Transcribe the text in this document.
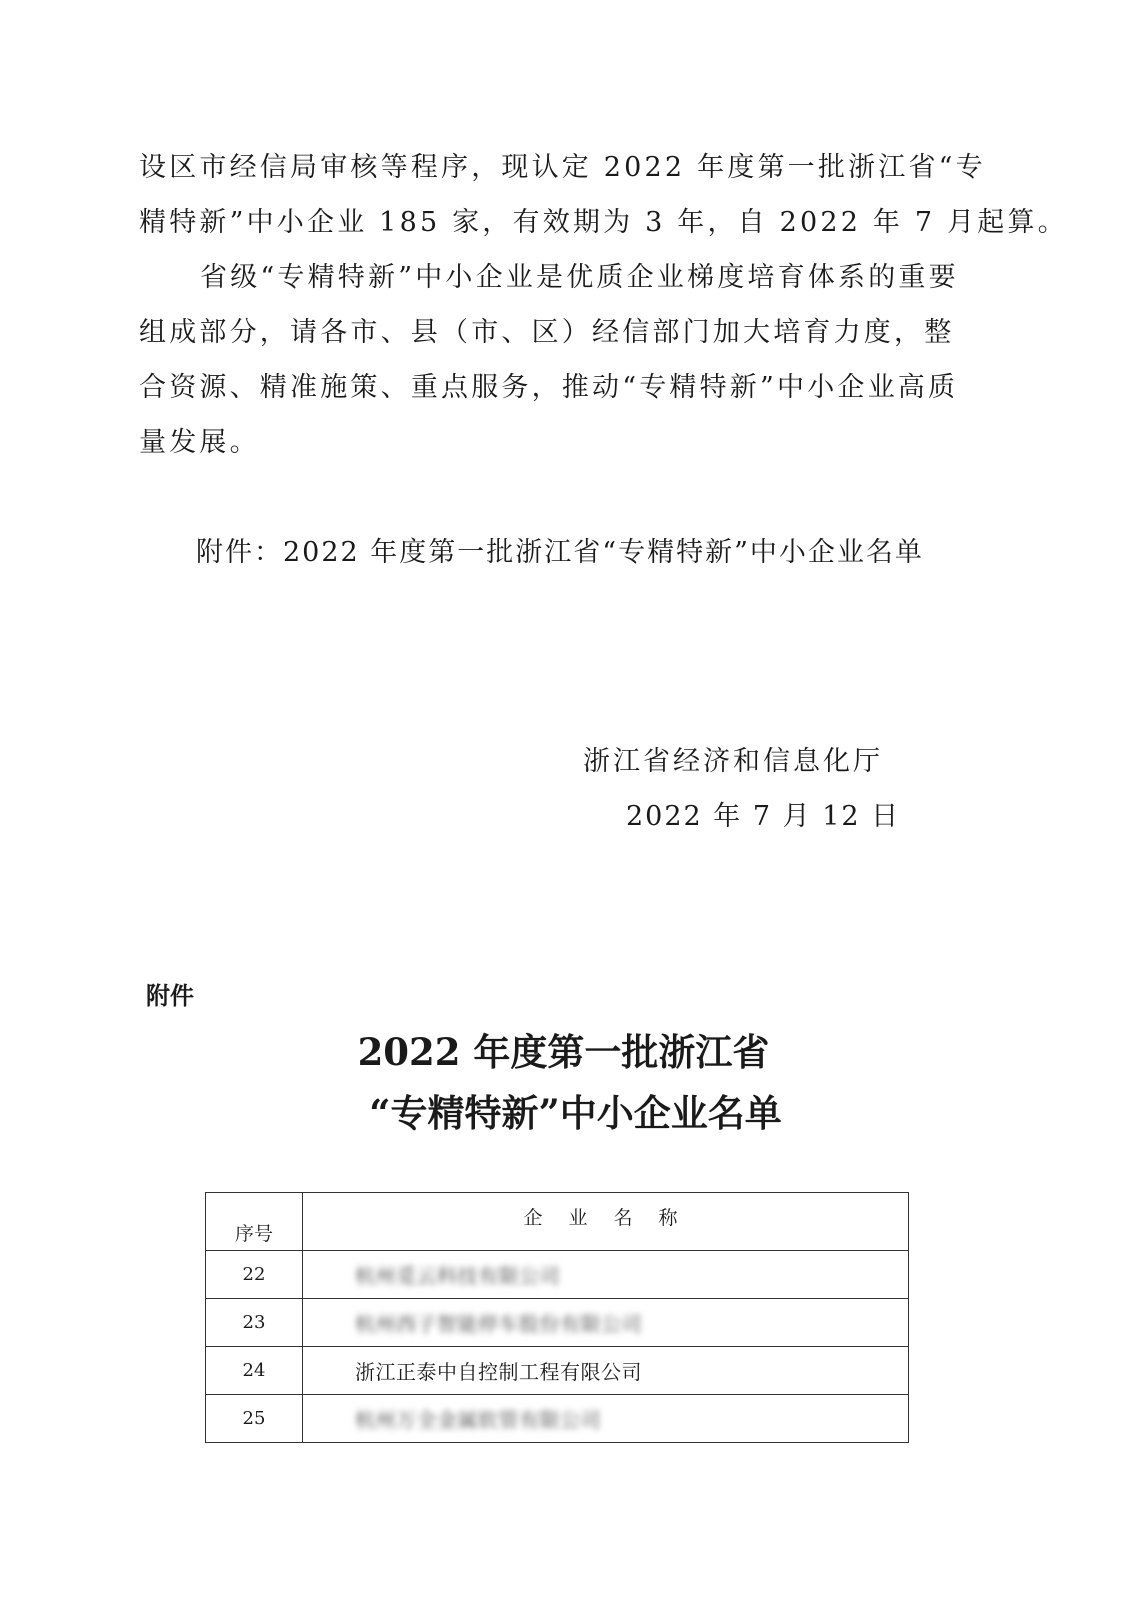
设区市经信局审核等程序，现认定 2022 年度第一批浙江省“专
精特新”中小企业 185 家，有效期为 3 年，自 2022 年 7 月起算。
省级“专精特新”中小企业是优质企业梯度培育体系的重要
组成部分，请各市、县（市、区）经信部门加大培育力度，整
合资源、精准施策、重点服务，推动“专精特新”中小企业高质
量发展。
附件：2022 年度第一批浙江省“专精特新”中小企业名单
浙江省经济和信息化厅
2022 年 7 月 12 日
附件
2022 年度第一批浙江省
“专精特新”中小企业名单
序号	企 业 名 称
22	杭州觅云科技有限公司
23	杭州西子智能停车股份有限公司
24	浙江正泰中自控制工程有限公司
25	杭州万全金属软管有限公司
